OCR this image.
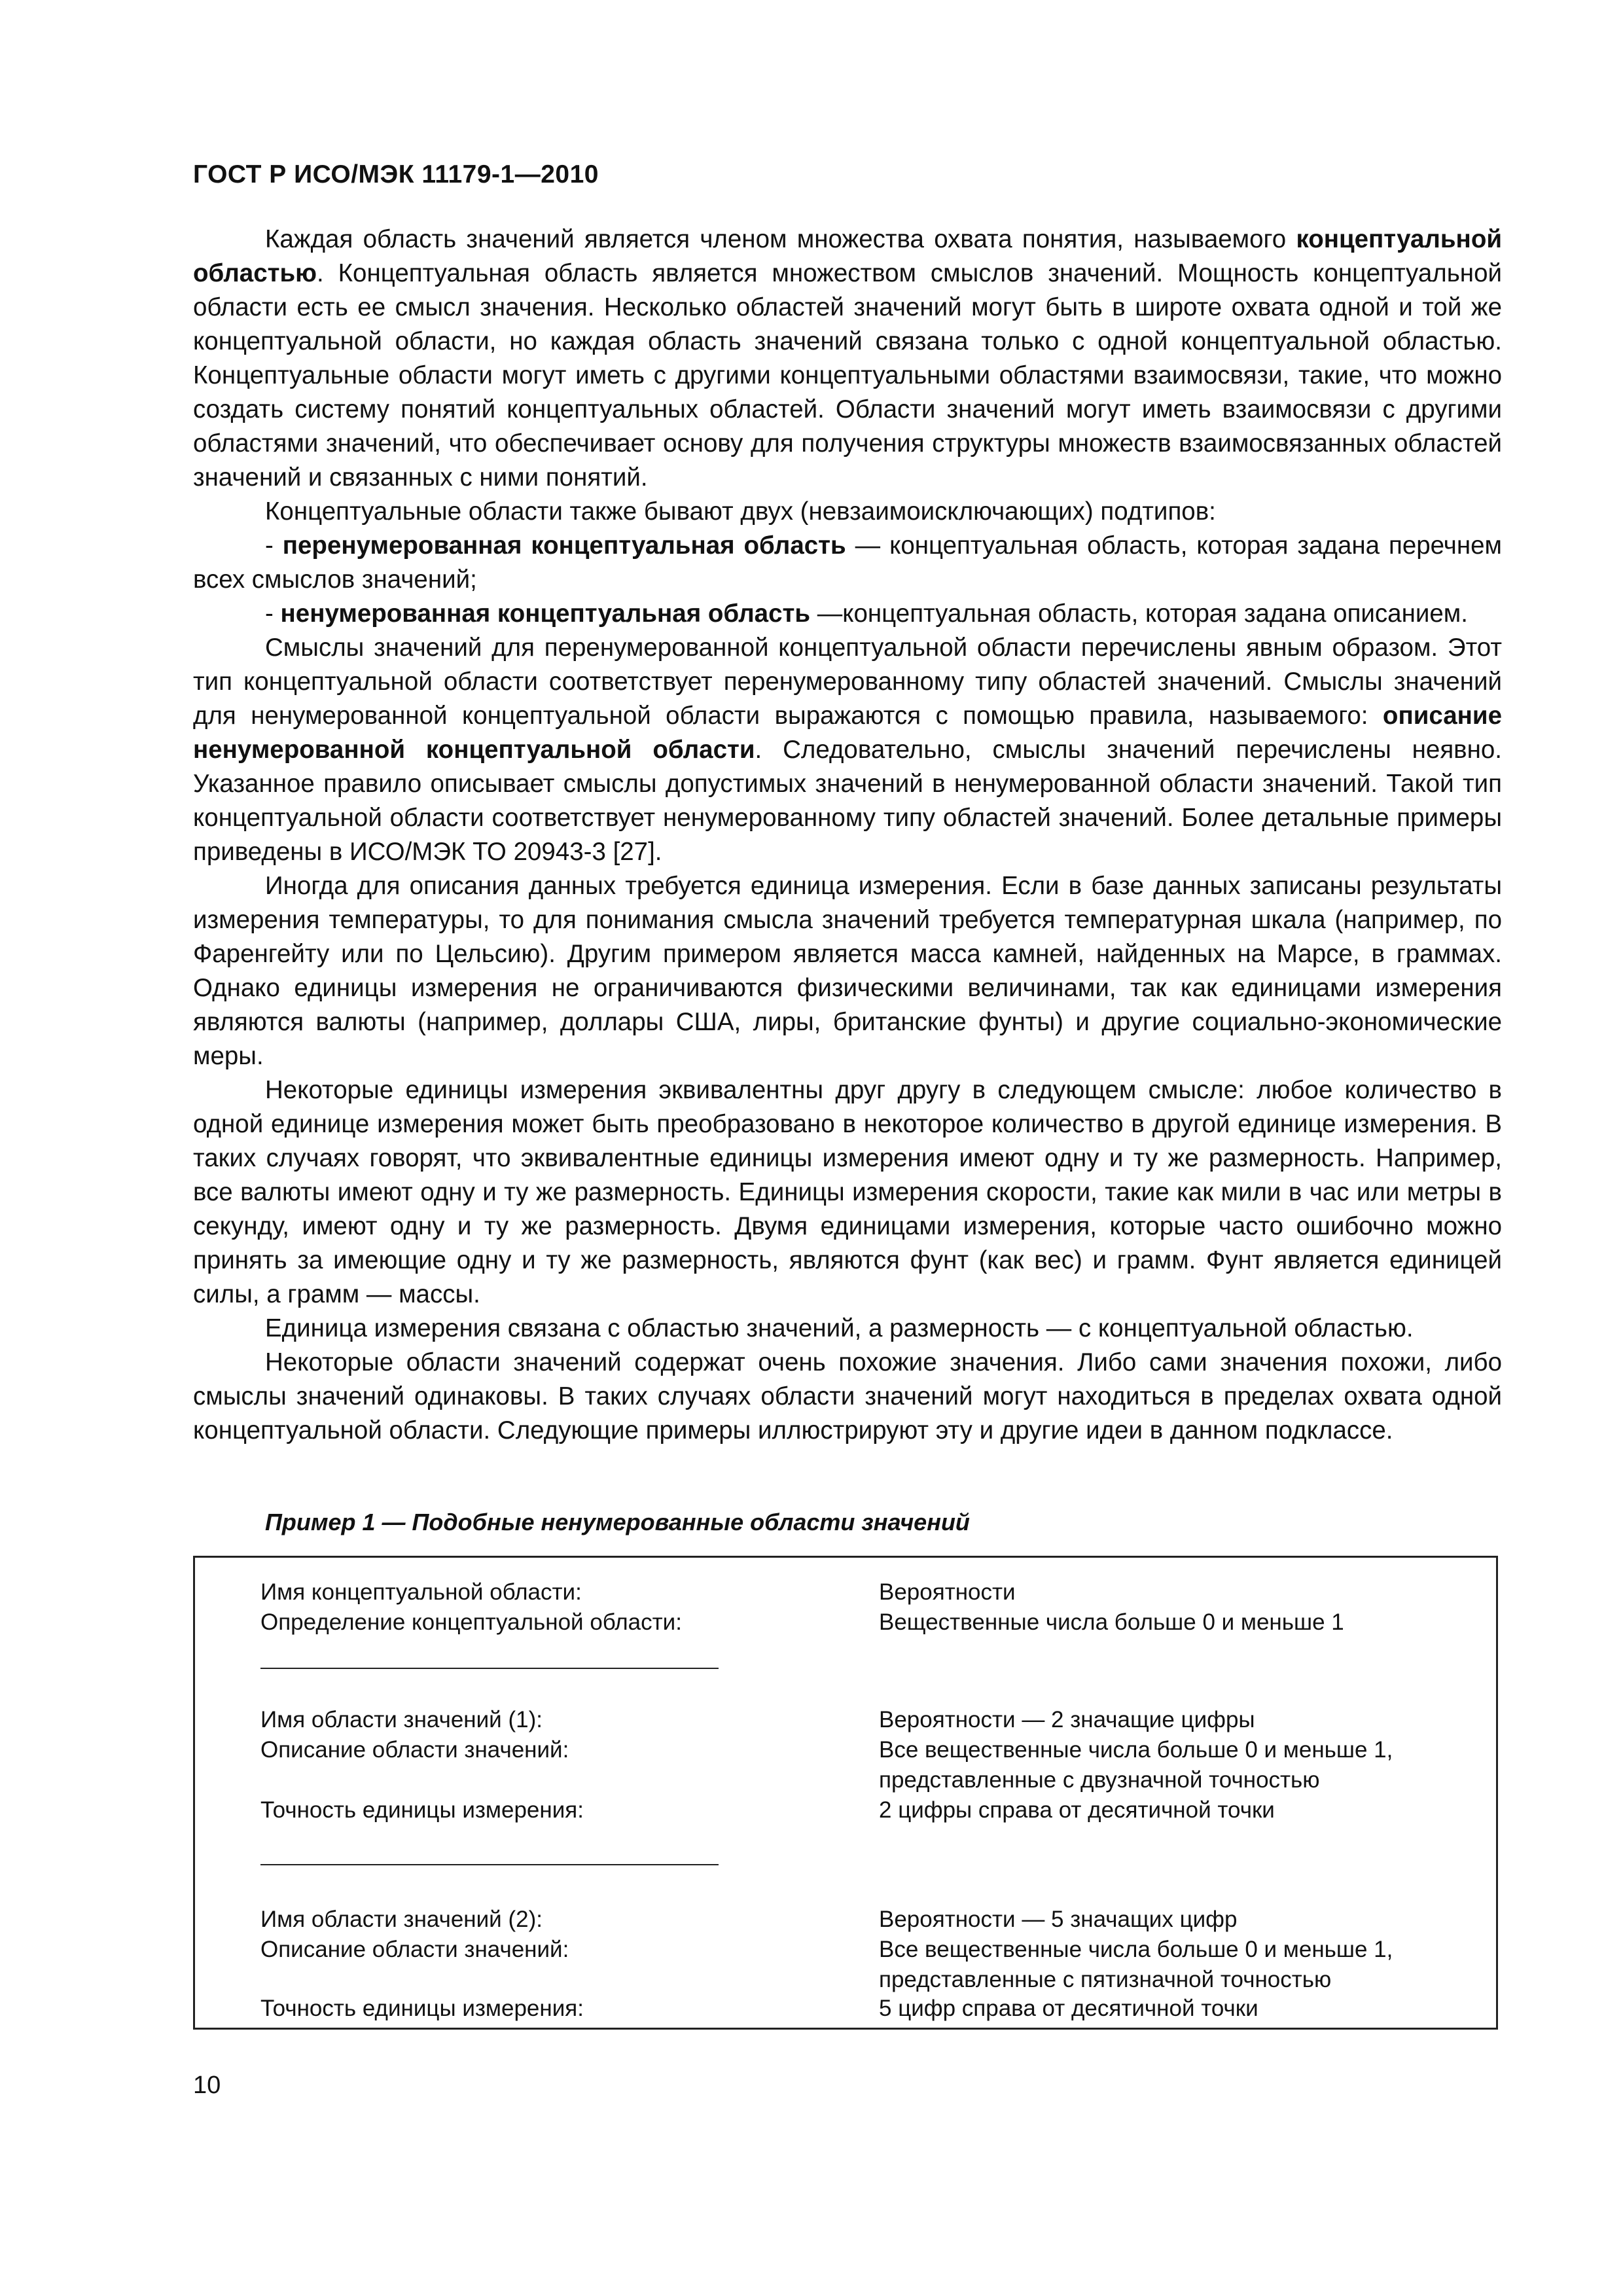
ГОСТ Р ИСО/МЭК 11179-1—2010

Каждая область значений является членом множества охвата понятия, называемого концептуальной областью. Концептуальная область является множеством смыслов значений. Мощность концептуальной области есть ее смысл значения. Несколько областей значений могут быть в широте охвата одной и той же концептуальной области, но каждая область значений связана только с одной концептуальной областью. Концептуальные области могут иметь с другими концептуальными областями взаимосвязи, такие, что можно создать систему понятий концептуальных областей. Области значений могут иметь взаимосвязи с другими областями значений, что обеспечивает основу для получения структуры множеств взаимосвязанных областей значений и связанных с ними понятий.

Концептуальные области также бывают двух (невзаимоисключающих) подтипов:

- перенумерованная концептуальная область — концептуальная область, которая задана перечнем всех смыслов значений;

- ненумерованная концептуальная область —концептуальная область, которая задана описанием.

Смыслы значений для перенумерованной концептуальной области перечислены явным образом. Этот тип концептуальной области соответствует перенумерованному типу областей значений. Смыслы значений для ненумерованной концептуальной области выражаются с помощью правила, называемого: описание ненумерованной концептуальной области. Следовательно, смыслы значений перечислены неявно. Указанное правило описывает смыслы допустимых значений в ненумерованной области значений. Такой тип концептуальной области соответствует ненумерованному типу областей значений. Более детальные примеры приведены в ИСО/МЭК ТО 20943-3 [27].

Иногда для описания данных требуется единица измерения. Если в базе данных записаны результаты измерения температуры, то для понимания смысла значений требуется температурная шкала (например, по Фаренгейту или по Цельсию). Другим примером является масса камней, найденных на Марсе, в граммах. Однако единицы измерения не ограничиваются физическими величинами, так как единицами измерения являются валюты (например, доллары США, лиры, британские фунты) и другие социально-экономические меры.

Некоторые единицы измерения эквивалентны друг другу в следующем смысле: любое количество в одной единице измерения может быть преобразовано в некоторое количество в другой единице измерения. В таких случаях говорят, что эквивалентные единицы измерения имеют одну и ту же размерность. Например, все валюты имеют одну и ту же размерность. Единицы измерения скорости, такие как мили в час или метры в секунду, имеют одну и ту же размерность. Двумя единицами измерения, которые часто ошибочно можно принять за имеющие одну и ту же размерность, являются фунт (как вес) и грамм. Фунт является единицей силы, а грамм — массы.

Единица измерения связана с областью значений, а размерность — с концептуальной областью.

Некоторые области значений содержат очень похожие значения. Либо сами значения похожи, либо смыслы значений одинаковы. В таких случаях области значений могут находиться в пределах охвата одной концептуальной области. Следующие примеры иллюстрируют эту и другие идеи в данном подклассе.

Пример 1 — Подобные ненумерованные области значений
Имя концептуальной области:	Вероятности
Определение концептуальной области:	Вещественные числа больше 0 и меньше 1
Имя области значений (1):	Вероятности — 2 значащие цифры
Описание области значений:	Все вещественные числа больше 0 и меньше 1,
представленные с двузначной точностью
Точность единицы измерения:	2 цифры справа от десятичной точки
Имя области значений (2):	Вероятности — 5 значащих цифр
Описание области значений:	Все вещественные числа больше 0 и меньше 1,
представленные с пятизначной точностью
Точность единицы измерения:	5 цифр справа от десятичной точки
10
